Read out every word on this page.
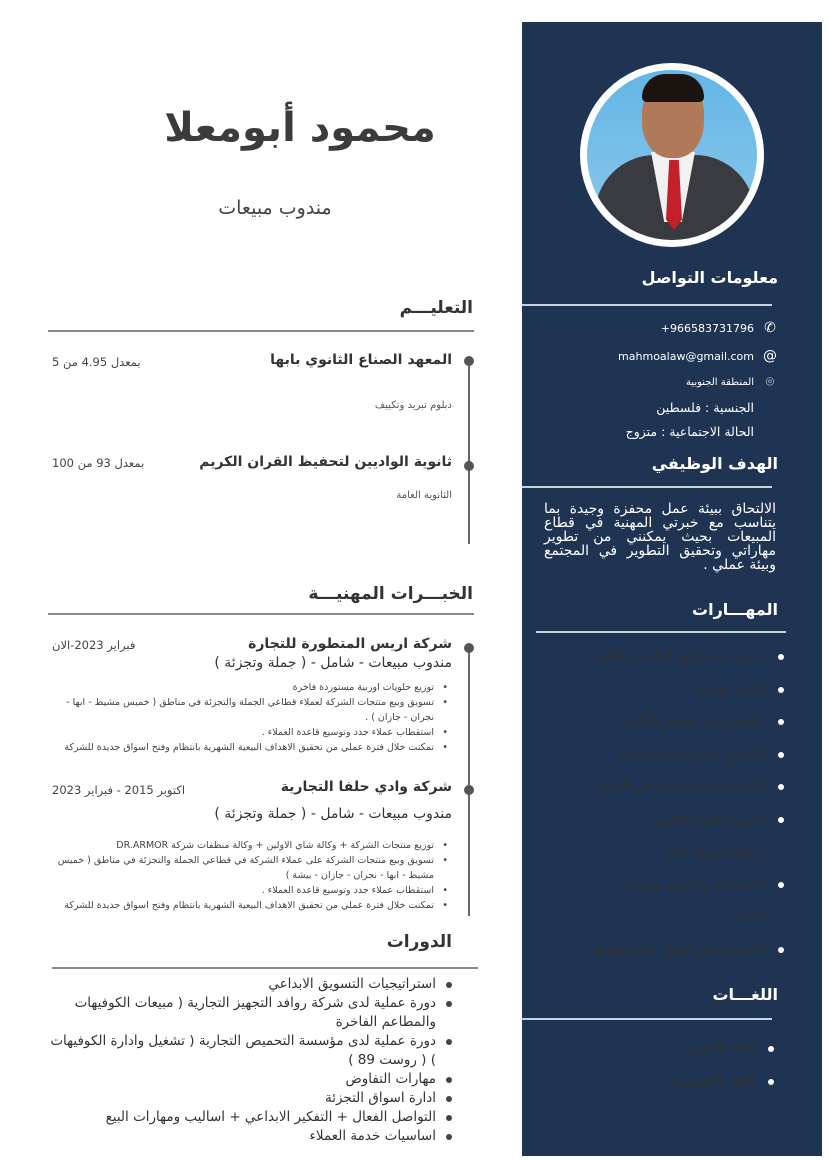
معلومات التواصل
✆
+966583731796
@
mahmoalaw@gmail.com
⌾
المنطقة الجنوبية
الجنسية : فلسطين
الحالة الاجتماعية : متزوج
الهدف الوظيفي
الالتحاق ببيئة عمل محفزة وجيدة بما يتناسب مع خبرتي المهنية في قطاع المبيعات بحيث يمكنني من تطوير مهاراتي وتحقيق التطوير في المجتمع وبيئة عملي .
المهـــارات
اجادة استخدام الحاسب الالي
ادارة الوقت
العمل على تطوير الذات
القدرة على خدمة العملاء
الاستجابة الجماعية في العمل
القدرة على التعاون والتعامل مع الغير
الانضباط واحترام مواعيد العمل
القدرة على العمل تحت ضغط
اللغـــات
اللغة العربية
اللغة الانجليزية
محمود أبومعلا
مندوب مبيعات
التعليـــم
المعهد الصناع الثانوي بابها
بمعدل 4.95 من 5
دبلوم تبريد وتكييف
ثانوية الواديين لتحفيظ القران الكريم
بمعدل 93 من 100
الثانوية العامة
الخبـــرات المهنيـــة
شركة اريس المتطورة للتجارة
فبراير 2023-الان
مندوب مبيعات - شامل - ( جملة وتجزئة )
• توزيع حلويات اوربية مستوردة فاخرة
• تسويق وبيع منتجات الشركة لعملاء قطاعي الجملة والتجزئة في مناطق ( خميس مشيط - ابها - نجران - جازان ) .
• استقطاب عملاء جدد وتوسيع قاعدة العملاء .
• تمكنت خلال فترة عملي من تحقيق الاهداف البيعية الشهرية بانتظام وفتح اسواق جديدة للشركة
شركة وادي حلفا التجارية
اكتوبر 2015 - فبراير 2023
مندوب مبيعات - شامل - ( جملة وتجزئة )
• توزيع منتجات الشركة + وكالة شاي الاولين + وكالة منظفات شركة DR.ARMOR
• تسويق وبيع منتجات الشركة على عملاء الشركة في قطاعي الجملة والتجزئة في مناطق ( خميس مشيط - ابها - نجران - جازان - بيشة )
• استقطاب عملاء جدد وتوسيع قاعدة العملاء .
• تمكنت خلال فترة عملي من تحقيق الاهداف البيعية الشهرية بانتظام وفتح اسواق جديدة للشركة
الدورات
استراتيجيات التسويق الابداعي
دورة عملية لدى شركة روافد التجهيز التجارية ( مبيعات الكوفيهات والمطاعم الفاخرة
دورة عملية لدى مؤسسة التحميص التجارية ( تشغيل وادارة الكوفيهات ) ( روست 89 )
مهارات التفاوض
ادارة اسواق التجزئة
التواصل الفعال + التفكير الابداعي + اساليب ومهارات البيع
اساسيات خدمة العملاء
